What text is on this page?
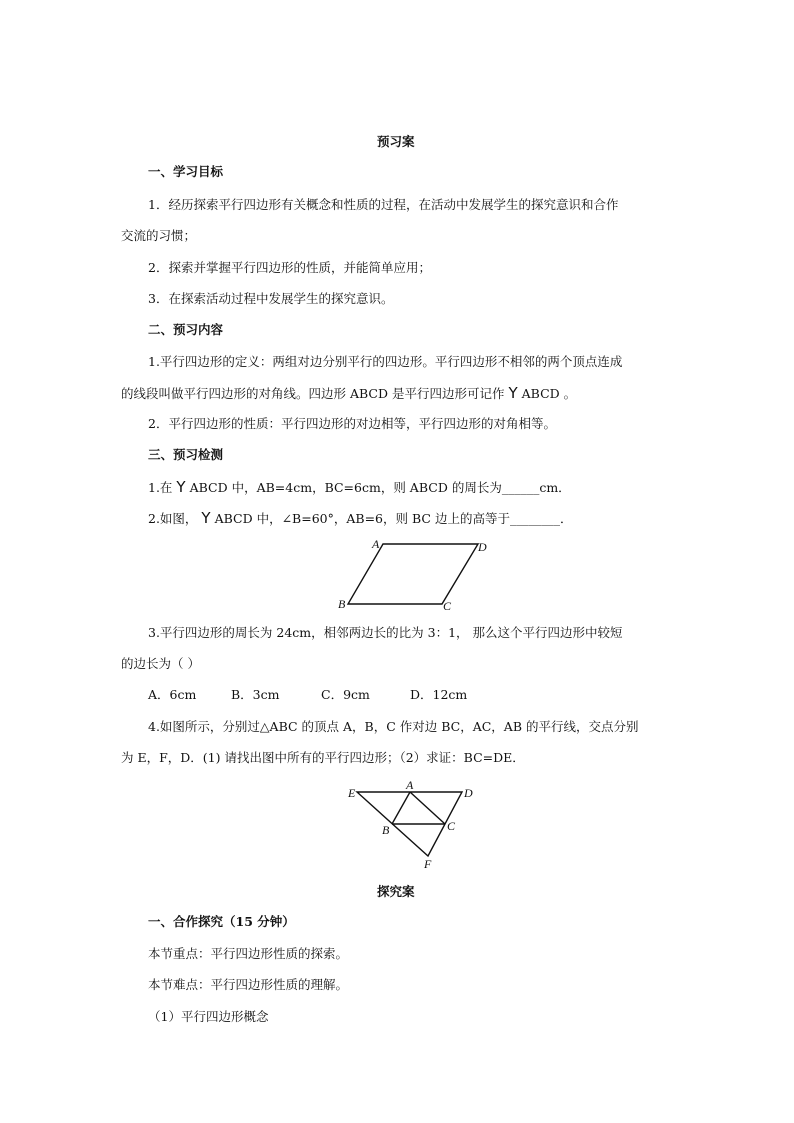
预习案
一、学习目标
1．经历探索平行四边形有关概念和性质的过程，在活动中发展学生的探究意识和合作
交流的习惯；
2．探索并掌握平行四边形的性质，并能简单应用；
3．在探索活动过程中发展学生的探究意识。
二、预习内容
1.平行四边形的定义：两组对边分别平行的四边形。平行四边形不相邻的两个顶点连成
的线段叫做平行四边形的对角线。四边形 ABCD 是平行四边形可记作 Y ABCD 。
2．平行四边形的性质：平行四边形的对边相等，平行四边形的对角相等。
三、预习检测
1.在 Y ABCD 中，AB=4cm，BC=6cm，则 ABCD 的周长为______cm．
2.如图， Y ABCD 中，∠B=60°，AB=6，则 BC 边上的高等于________．
A	D
B	C
3.平行四边形的周长为 24cm，相邻两边长的比为 3：1， 那么这个平行四边形中较短
的边长为（ ）
A．6cm	B．3cm	C．9cm	D．12cm
4.如图所示，分别过△ABC 的顶点 A，B，C 作对边 BC，AC，AB 的平行线，交点分别
为 E，F，D．(1) 请找出图中所有的平行四边形；（2）求证：BC=DE．
E
A
D
B	C
F
探究案
一、合作探究（15 分钟）
本节重点：平行四边形性质的探索。
本节难点：平行四边形性质的理解。
（1）平行四边形概念
